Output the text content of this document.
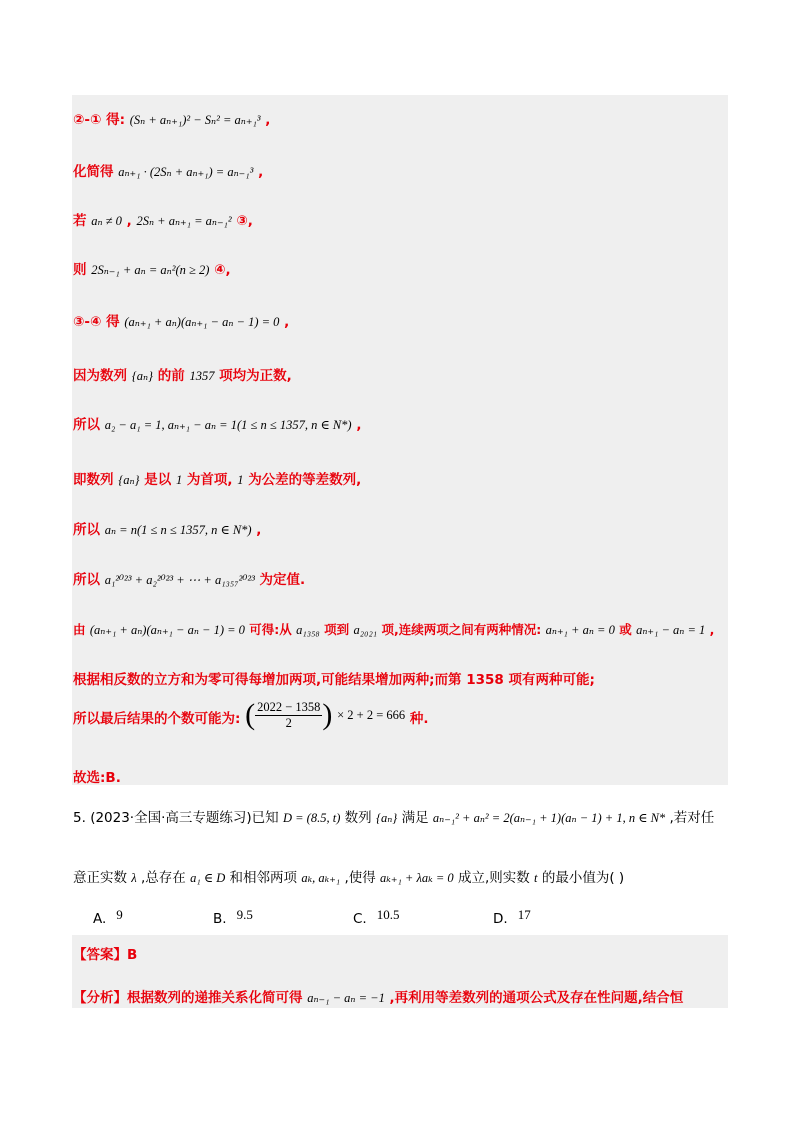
②-① 得: (Sₙ + aₙ₊₁)² − Sₙ² = aₙ₊₁³ ,
化简得 aₙ₊₁ · (2Sₙ + aₙ₊₁) = aₙ₋₁³ ,
若 aₙ ≠ 0 , 2Sₙ + aₙ₊₁ = aₙ₋₁² ③,
则 2Sₙ₋₁ + aₙ = aₙ²(n ≥ 2) ④,
③-④ 得 (aₙ₊₁ + aₙ)(aₙ₊₁ − aₙ − 1) = 0 ,
因为数列 {aₙ} 的前 1357 项均为正数,
所以 a₂ − a₁ = 1, aₙ₊₁ − aₙ = 1(1 ≤ n ≤ 1357, n ∈ N*) ,
即数列 {aₙ} 是以 1 为首项, 1 为公差的等差数列,
所以 aₙ = n(1 ≤ n ≤ 1357, n ∈ N*) ,
所以 a₁²⁰²³ + a₂²⁰²³ + ⋯ + a₁₃₅₇²⁰²³ 为定值.
由 (aₙ₊₁ + aₙ)(aₙ₊₁ − aₙ − 1) = 0 可得:从 a₁₃₅₈ 项到 a₂₀₂₁ 项,连续两项之间有两种情况: aₙ₊₁ + aₙ = 0 或 aₙ₊₁ − aₙ = 1 ,
根据相反数的立方和为零可得每增加两项,可能结果增加两种;而第 1358 项有两种可能;
所以最后结果的个数可能为: ( $\frac{2022 - 1358}{2}$ ) × 2 + 2 = 666 种.
故选:B.
5. (2023·全国·高三专题练习)已知 D = (8.5, t) 数列 {aₙ} 满足 aₙ₋₁² + aₙ² = 2(aₙ₋₁ + 1)(aₙ − 1) + 1, n ∈ N* ,若对任
意正实数 λ ,总存在 a₁ ∈ D 和相邻两项 aₖ, aₖ₊₁ ,使得 aₖ₊₁ + λaₖ = 0 成立,则实数 t 的最小值为( )
A. 9	B. 9.5	C. 10.5	D. 17
【答案】B
【分析】根据数列的递推关系化简可得 aₙ₋₁ − aₙ = −1 ,再利用等差数列的通项公式及存在性问题,结合恒
